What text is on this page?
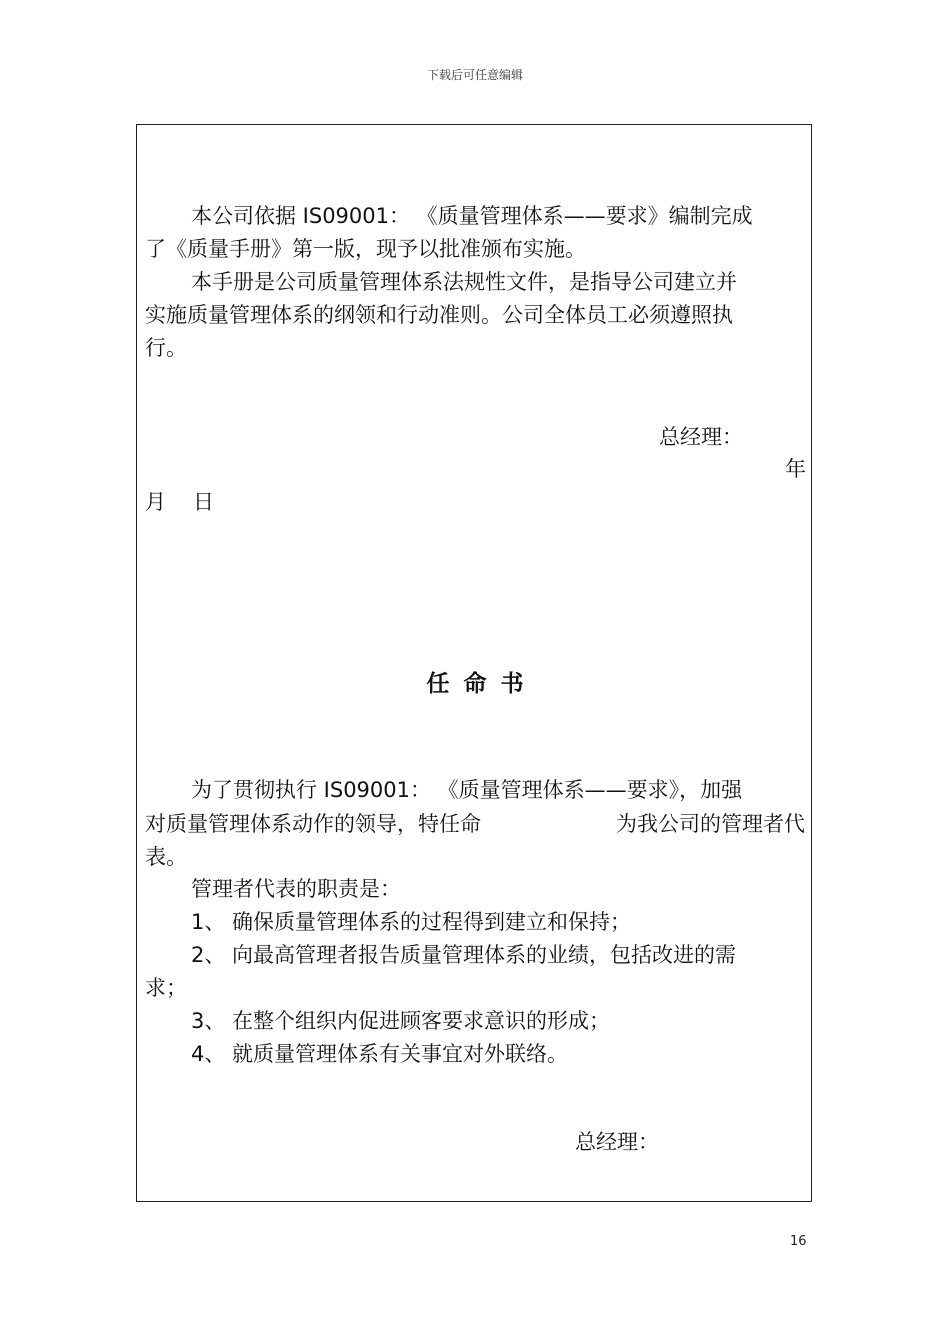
下载后可任意编辑
本公司依据 IS09001： 《质量管理体系——要求》编制完成
了《质量手册》第一版，现予以批准颁布实施。
本手册是公司质量管理体系法规性文件，是指导公司建立并
实施质量管理体系的纲领和行动准则。公司全体员工必须遵照执
行。
总经理：
年
月 日
任命书
为了贯彻执行 IS09001： 《质量管理体系——要求》，加强
对质量管理体系动作的领导，特任命	为我公司的管理者代
表。
管理者代表的职责是：
1、 确保质量管理体系的过程得到建立和保持；
2、 向最高管理者报告质量管理体系的业绩，包括改进的需
求；
3、 在整个组织内促进顾客要求意识的形成；
4、 就质量管理体系有关事宜对外联络。
总经理：
16
